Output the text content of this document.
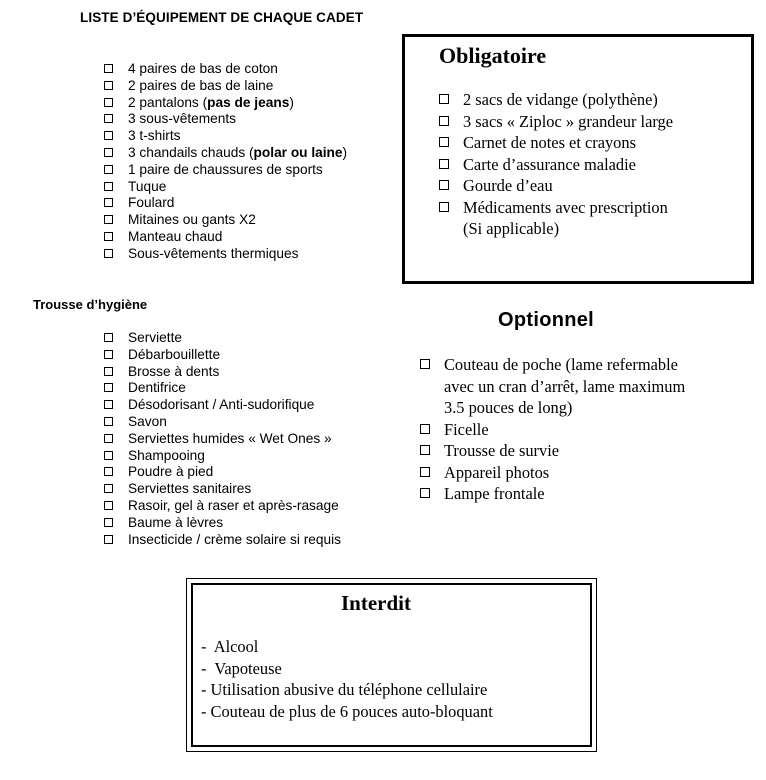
LISTE D’ÉQUIPEMENT DE CHAQUE CADET
4 paires de bas de coton
2 paires de bas de laine
2 pantalons (pas de jeans)
3 sous-vêtements
3 t-shirts
3 chandails chauds (polar ou laine)
1 paire de chaussures de sports
Tuque
Foulard
Mitaines ou gants X2
Manteau chaud
Sous-vêtements thermiques
Trousse d’hygiène
Serviette
Débarbouillette
Brosse à dents
Dentifrice
Désodorisant / Anti-sudorifique
Savon
Serviettes humides « Wet Ones »
Shampooing
Poudre à pied
Serviettes sanitaires
Rasoir, gel à raser et après-rasage
Baume à lèvres
Insecticide / crème solaire si requis
Obligatoire
2 sacs de vidange (polythène)
3 sacs « Ziploc » grandeur large
Carnet de notes et crayons
Carte d’assurance maladie
Gourde d’eau
Médicaments avec prescription
(Si applicable)
Optionnel
Couteau de poche (lame refermable
avec un cran d’arrêt, lame maximum
3.5 pouces de long)
Ficelle
Trousse de survie
Appareil photos
Lampe frontale
Interdit
-  Alcool
-  Vapoteuse
- Utilisation abusive du téléphone cellulaire
- Couteau de plus de 6 pouces auto-bloquant
